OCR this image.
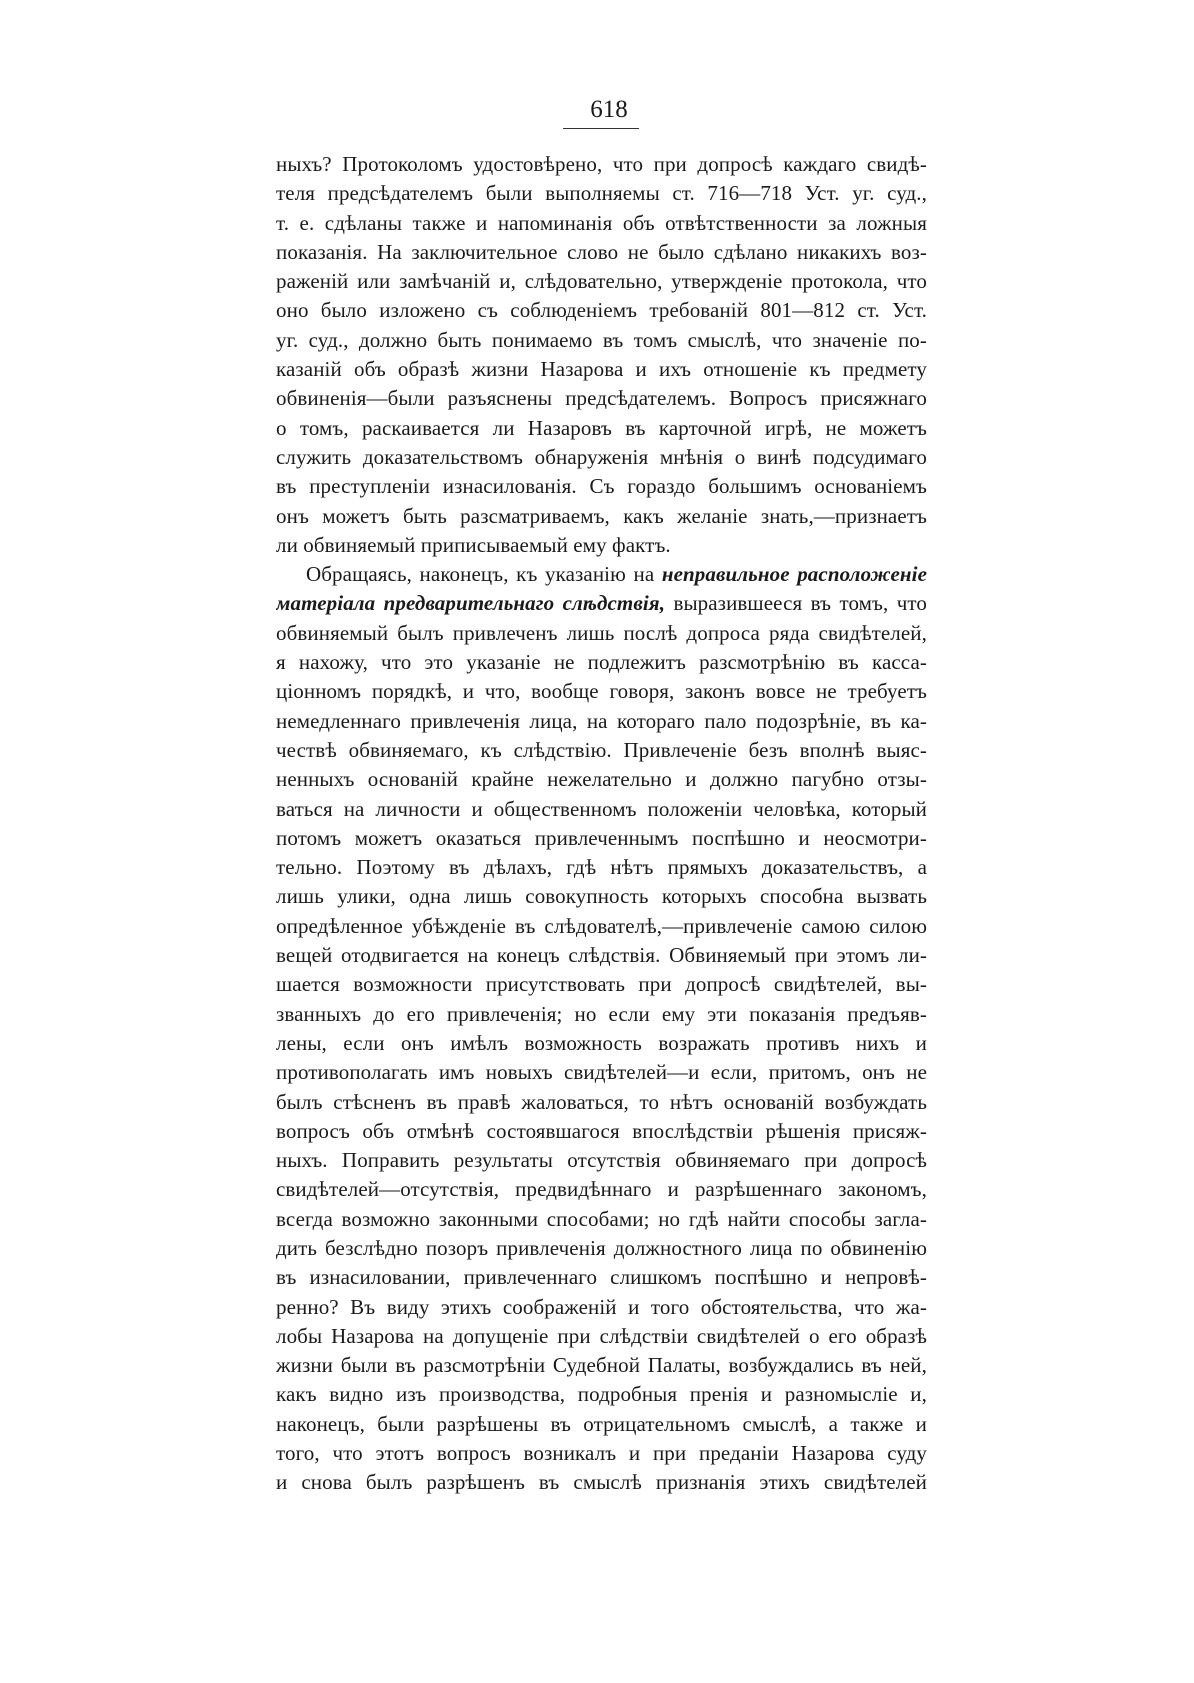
618
ныхъ? Протоколомъ удостовѣрено, что при допросѣ каждаго свидѣ-
теля предсѣдателемъ были выполняемы ст. 716—718 Уст. уг. суд.,
т. е. сдѣланы также и напоминанія объ отвѣтственности за ложныя
показанія. На заключительное слово не было сдѣлано никакихъ воз-
раженій или замѣчаній и, слѣдовательно, утвержденіе протокола, что
оно было изложено съ соблюденіемъ требованій 801—812 ст. Уст.
уг. суд., должно быть понимаемо въ томъ смыслѣ, что значеніе по-
казаній объ образѣ жизни Назарова и ихъ отношеніе къ предмету
обвиненія—были разъяснены предсѣдателемъ. Вопросъ присяжнаго
о томъ, раскаивается ли Назаровъ въ карточной игрѣ, не можетъ
служить доказательствомъ обнаруженія мнѣнія о винѣ подсудимаго
въ преступленіи изнасилованія. Съ гораздо большимъ основаніемъ
онъ можетъ быть разсматриваемъ, какъ желаніе знать,—признаетъ
ли обвиняемый приписываемый ему фактъ.
Обращаясь, наконецъ, къ указанію на неправильное расположеніе
матеріала предварительнаго слѣдствія, выразившееся въ томъ, что
обвиняемый былъ привлеченъ лишь послѣ допроса ряда свидѣтелей,
я нахожу, что это указаніе не подлежитъ разсмотрѣнію въ касса-
ціонномъ порядкѣ, и что, вообще говоря, законъ вовсе не требуетъ
немедленнаго привлеченія лица, на котораго пало подозрѣніе, въ ка-
чествѣ обвиняемаго, къ слѣдствію. Привлеченіе безъ вполнѣ выяс-
ненныхъ основаній крайне нежелательно и должно пагубно отзы-
ваться на личности и общественномъ положеніи человѣка, который
потомъ можетъ оказаться привлеченнымъ поспѣшно и неосмотри-
тельно. Поэтому въ дѣлахъ, гдѣ нѣтъ прямыхъ доказательствъ, а
лишь улики, одна лишь совокупность которыхъ способна вызвать
опредѣленное убѣжденіе въ слѣдователѣ,—привлеченіе самою силою
вещей отодвигается на конецъ слѣдствія. Обвиняемый при этомъ ли-
шается возможности присутствовать при допросѣ свидѣтелей, вы-
званныхъ до его привлеченія; но если ему эти показанія предъяв-
лены, если онъ имѣлъ возможность возражать противъ нихъ и
противополагать имъ новыхъ свидѣтелей—и если, притомъ, онъ не
былъ стѣсненъ въ правѣ жаловаться, то нѣтъ основаній возбуждать
вопросъ объ отмѣнѣ состоявшагося впослѣдствіи рѣшенія присяж-
ныхъ. Поправить результаты отсутствія обвиняемаго при допросѣ
свидѣтелей—отсутствія, предвидѣннаго и разрѣшеннаго закономъ,
всегда возможно законными способами; но гдѣ найти способы загла-
дить безслѣдно позоръ привлеченія должностного лица по обвиненію
въ изнасиловании, привлеченнаго слишкомъ поспѣшно и непровѣ-
ренно? Въ виду этихъ соображеній и того обстоятельства, что жа-
лобы Назарова на допущеніе при слѣдствіи свидѣтелей о его образѣ
жизни были въ разсмотрѣніи Судебной Палаты, возбуждались въ ней,
какъ видно изъ производства, подробныя пренія и разномысліе и,
наконецъ, были разрѣшены въ отрицательномъ смыслѣ, а также и
того, что этотъ вопросъ возникалъ и при преданіи Назарова суду
и снова былъ разрѣшенъ въ смыслѣ признанія этихъ свидѣтелей
